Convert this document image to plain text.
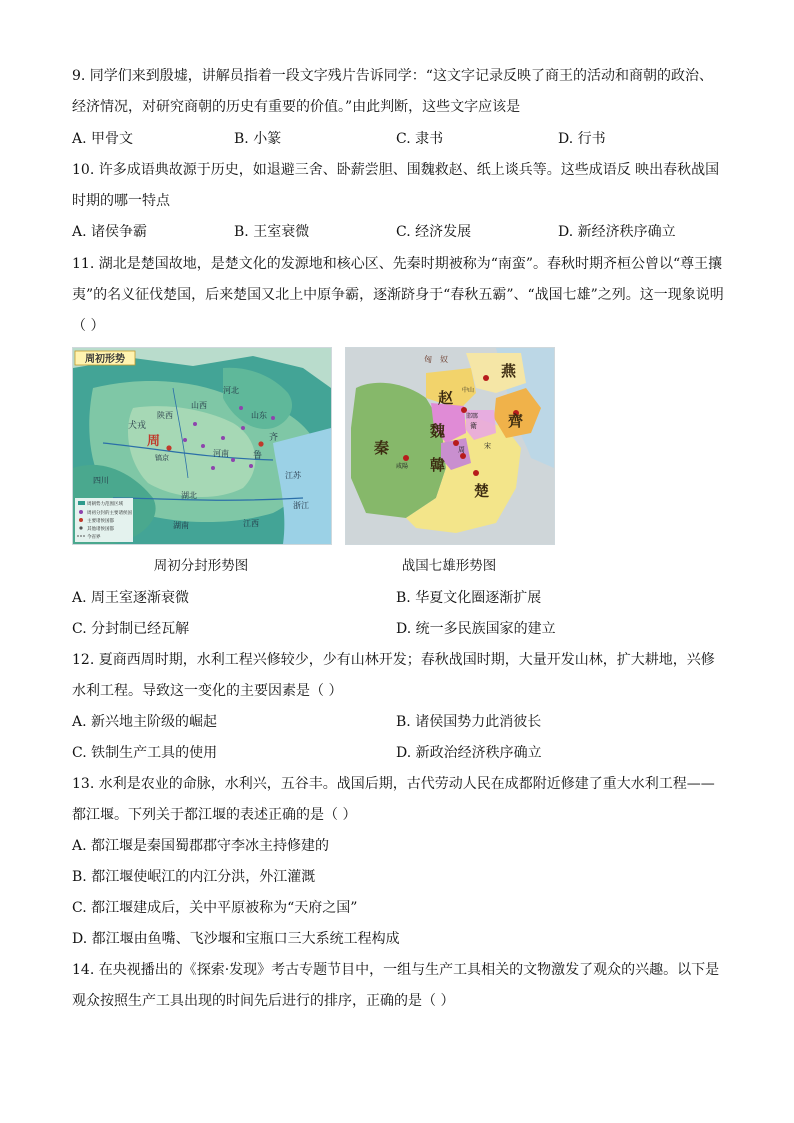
9. 同学们来到殷墟，讲解员指着一段文字残片告诉同学：“这文字记录反映了商王的活动和商朝的政治、
经济情况，对研究商朝的历史有重要的价值。”由此判断，这些文字应该是
A. 甲骨文	B. 小篆	C. 隶书	D. 行书
10. 许多成语典故源于历史，如退避三舍、卧薪尝胆、围魏救赵、纸上谈兵等。这些成语反 映出春秋战国
时期的哪一特点
A. 诸侯争霸	B. 王室衰微	C. 经济发展	D. 新经济秩序确立
11. 湖北是楚国故地，是楚文化的发源地和核心区、先秦时期被称为“南蛮”。春秋时期齐桓公曾以“尊王攘
夷”的名义征伐楚国，后来楚国又北上中原争霸，逐渐跻身于“春秋五霸”、“战国七雄”之列。这一现象说明
（ ）
周初形势
犬戎
周
镐京
山西
河北
齐
鲁
四川
湖北
湖南	江西
浙江
江苏
陕西
河南
山东
周朝势力范围区域
周初分封的主要诸侯国
主要诸侯国都
其他诸侯国都
今省界
匈　奴
燕
赵
魏
齊
秦
韓
楚
周	宋
衛
中山
邯鄲
咸陽
周初分封形势图	战国七雄形势图
A. 周王室逐渐衰微	B. 华夏文化圈逐渐扩展
C. 分封制已经瓦解	D. 统一多民族国家的建立
12. 夏商西周时期，水利工程兴修较少，少有山林开发；春秋战国时期，大量开发山林，扩大耕地，兴修
水利工程。导致这一变化的主要因素是（ ）
A. 新兴地主阶级的崛起	B. 诸侯国势力此消彼长
C. 铁制生产工具的使用	D. 新政治经济秩序确立
13. 水利是农业的命脉，水利兴，五谷丰。战国后期，古代劳动人民在成都附近修建了重大水利工程——
都江堰。下列关于都江堰的表述正确的是（ ）
A. 都江堰是秦国蜀郡郡守李冰主持修建的
B. 都江堰使岷江的内江分洪，外江灌溉
C. 都江堰建成后，关中平原被称为“天府之国”
D. 都江堰由鱼嘴、飞沙堰和宝瓶口三大系统工程构成
14. 在央视播出的《探索·发现》考古专题节目中，一组与生产工具相关的文物激发了观众的兴趣。以下是
观众按照生产工具出现的时间先后进行的排序，正确的是（ ）
